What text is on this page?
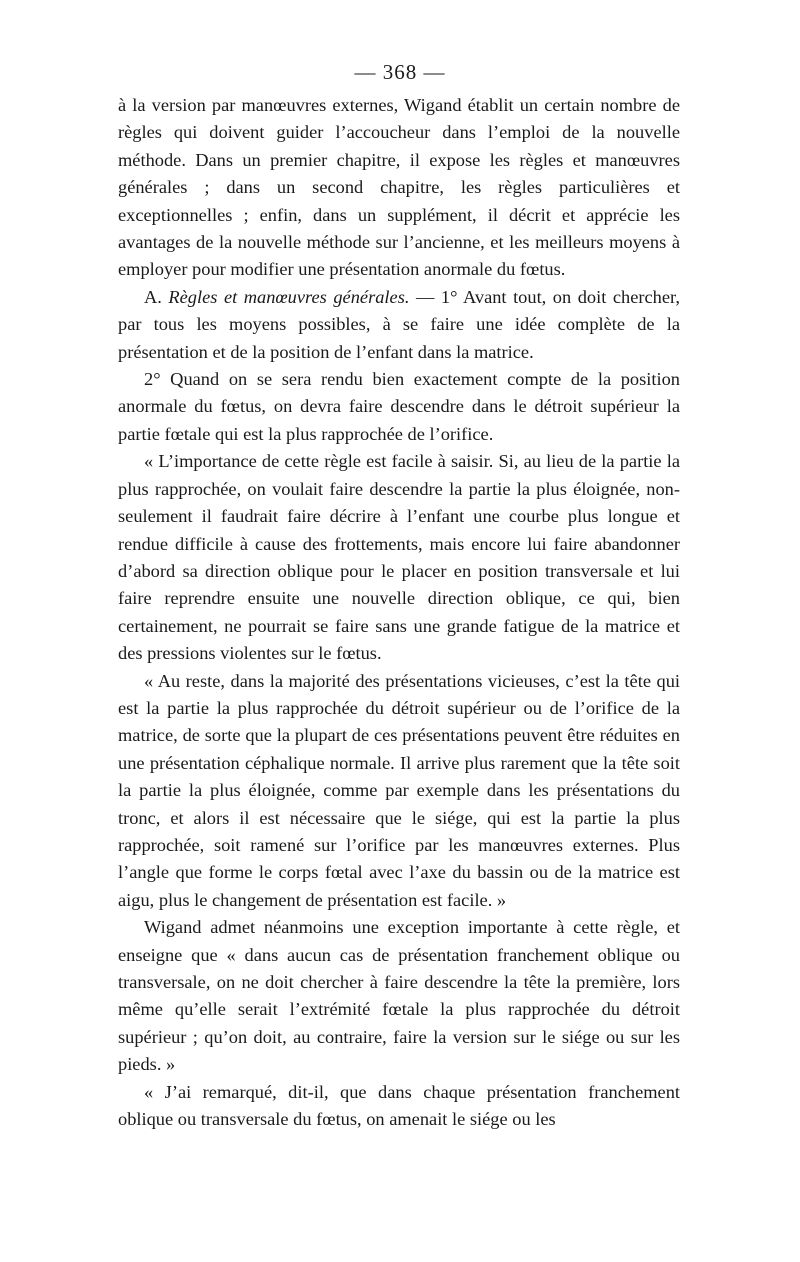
— 368 —

à la version par manœuvres externes, Wigand établit un certain nombre de règles qui doivent guider l’accoucheur dans l’emploi de la nouvelle méthode. Dans un premier chapitre, il expose les règles et manœuvres générales ; dans un second chapitre, les règles particulières et exceptionnelles ; enfin, dans un supplément, il décrit et apprécie les avantages de la nouvelle méthode sur l’ancienne, et les meilleurs moyens à employer pour modifier une présentation anormale du fœtus.

A. Règles et manœuvres générales. — 1° Avant tout, on doit chercher, par tous les moyens possibles, à se faire une idée complète de la présentation et de la position de l’enfant dans la matrice.

2° Quand on se sera rendu bien exactement compte de la position anormale du fœtus, on devra faire descendre dans le détroit supérieur la partie fœtale qui est la plus rapprochée de l’orifice.

« L’importance de cette règle est facile à saisir. Si, au lieu de la partie la plus rapprochée, on voulait faire descendre la partie la plus éloignée, non-seulement il faudrait faire décrire à l’enfant une courbe plus longue et rendue difficile à cause des frottements, mais encore lui faire abandonner d’abord sa direction oblique pour le placer en position transversale et lui faire reprendre ensuite une nouvelle direction oblique, ce qui, bien certainement, ne pourrait se faire sans une grande fatigue de la matrice et des pressions violentes sur le fœtus.

« Au reste, dans la majorité des présentations vicieuses, c’est la tête qui est la partie la plus rapprochée du détroit supérieur ou de l’orifice de la matrice, de sorte que la plupart de ces présentations peuvent être réduites en une présentation céphalique normale. Il arrive plus rarement que la tête soit la partie la plus éloignée, comme par exemple dans les présentations du tronc, et alors il est nécessaire que le siége, qui est la partie la plus rapprochée, soit ramené sur l’orifice par les manœuvres externes. Plus l’angle que forme le corps fœtal avec l’axe du bassin ou de la matrice est aigu, plus le changement de présentation est facile. »

Wigand admet néanmoins une exception importante à cette règle, et enseigne que « dans aucun cas de présentation franchement oblique ou transversale, on ne doit chercher à faire descendre la tête la première, lors même qu’elle serait l’extrémité fœtale la plus rapprochée du détroit supérieur ; qu’on doit, au contraire, faire la version sur le siége ou sur les pieds. »

« J’ai remarqué, dit-il, que dans chaque présentation franchement oblique ou transversale du fœtus, on amenait le siége ou les
